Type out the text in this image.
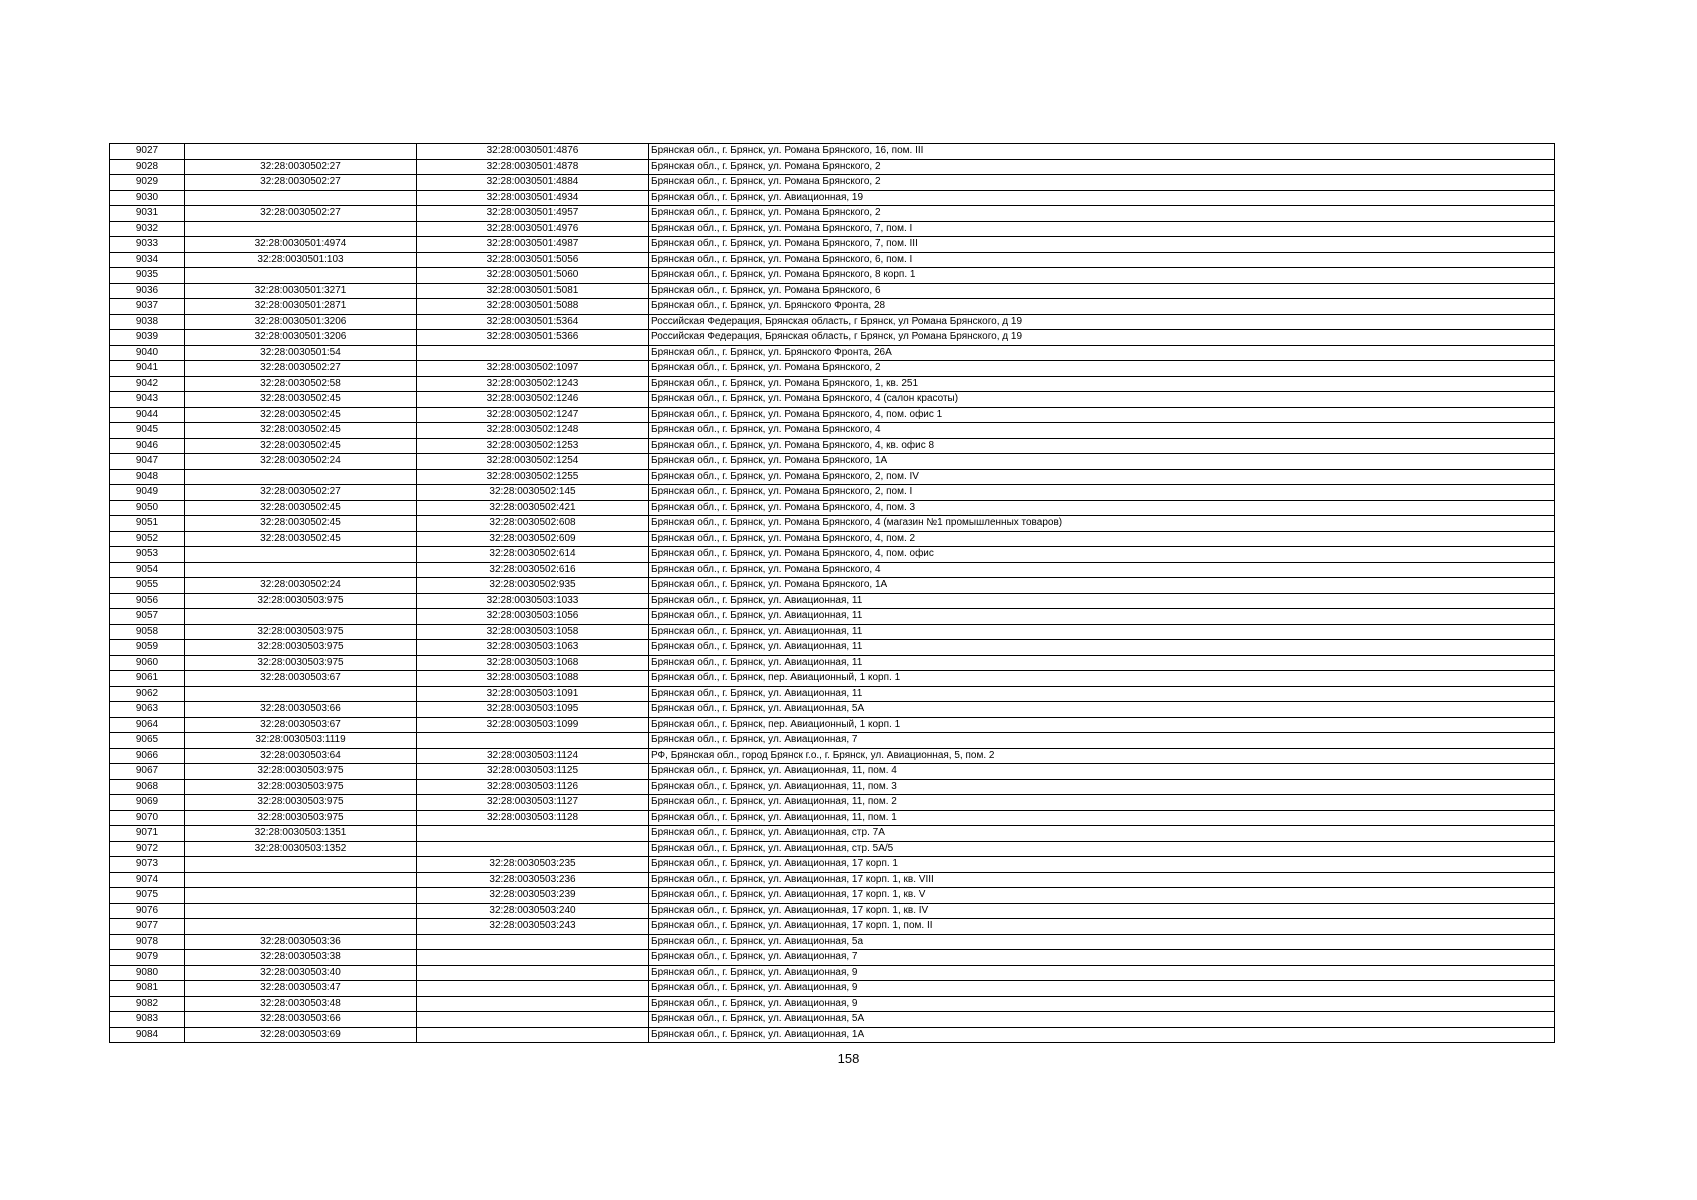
9027		32:28:0030501:4876	Брянская обл., г. Брянск, ул. Романа Брянского, 16, пом. III
9028	32:28:0030502:27	32:28:0030501:4878	Брянская обл., г. Брянск, ул. Романа Брянского, 2
9029	32:28:0030502:27	32:28:0030501:4884	Брянская обл., г. Брянск, ул. Романа Брянского, 2
9030		32:28:0030501:4934	Брянская обл., г. Брянск, ул. Авиационная, 19
9031	32:28:0030502:27	32:28:0030501:4957	Брянская обл., г. Брянск, ул. Романа Брянского, 2
9032		32:28:0030501:4976	Брянская обл., г. Брянск, ул. Романа Брянского, 7, пом. I
9033	32:28:0030501:4974	32:28:0030501:4987	Брянская обл., г. Брянск, ул. Романа Брянского, 7, пом. III
9034	32:28:0030501:103	32:28:0030501:5056	Брянская обл., г. Брянск, ул. Романа Брянского, 6, пом. I
9035		32:28:0030501:5060	Брянская обл., г. Брянск, ул. Романа Брянского, 8 корп. 1
9036	32:28:0030501:3271	32:28:0030501:5081	Брянская обл., г. Брянск, ул. Романа Брянского, 6
9037	32:28:0030501:2871	32:28:0030501:5088	Брянская обл., г. Брянск, ул. Брянского Фронта, 28
9038	32:28:0030501:3206	32:28:0030501:5364	Российская Федерация, Брянская область, г Брянск, ул Романа Брянского, д 19
9039	32:28:0030501:3206	32:28:0030501:5366	Российская Федерация, Брянская область, г Брянск, ул Романа Брянского, д 19
9040	32:28:0030501:54		Брянская обл., г. Брянск, ул. Брянского Фронта, 26А
9041	32:28:0030502:27	32:28:0030502:1097	Брянская обл., г. Брянск, ул. Романа Брянского, 2
9042	32:28:0030502:58	32:28:0030502:1243	Брянская обл., г. Брянск, ул. Романа Брянского, 1, кв. 251
9043	32:28:0030502:45	32:28:0030502:1246	Брянская обл., г. Брянск, ул. Романа Брянского, 4 (салон красоты)
9044	32:28:0030502:45	32:28:0030502:1247	Брянская обл., г. Брянск, ул. Романа Брянского, 4, пом. офис 1
9045	32:28:0030502:45	32:28:0030502:1248	Брянская обл., г. Брянск, ул. Романа Брянского, 4
9046	32:28:0030502:45	32:28:0030502:1253	Брянская обл., г. Брянск, ул. Романа Брянского, 4, кв. офис 8
9047	32:28:0030502:24	32:28:0030502:1254	Брянская обл., г. Брянск, ул. Романа Брянского, 1А
9048		32:28:0030502:1255	Брянская обл., г. Брянск, ул. Романа Брянского, 2, пом. IV
9049	32:28:0030502:27	32:28:0030502:145	Брянская обл., г. Брянск, ул. Романа Брянского, 2, пом. I
9050	32:28:0030502:45	32:28:0030502:421	Брянская обл., г. Брянск, ул. Романа Брянского, 4, пом. 3
9051	32:28:0030502:45	32:28:0030502:608	Брянская обл., г. Брянск, ул. Романа Брянского, 4 (магазин №1 промышленных товаров)
9052	32:28:0030502:45	32:28:0030502:609	Брянская обл., г. Брянск, ул. Романа Брянского, 4, пом. 2
9053		32:28:0030502:614	Брянская обл., г. Брянск, ул. Романа Брянского, 4, пом. офис
9054		32:28:0030502:616	Брянская обл., г. Брянск, ул. Романа Брянского, 4
9055	32:28:0030502:24	32:28:0030502:935	Брянская обл., г. Брянск, ул. Романа Брянского, 1А
9056	32:28:0030503:975	32:28:0030503:1033	Брянская обл., г. Брянск, ул. Авиационная, 11
9057		32:28:0030503:1056	Брянская обл., г. Брянск, ул. Авиационная, 11
9058	32:28:0030503:975	32:28:0030503:1058	Брянская обл., г. Брянск, ул. Авиационная, 11
9059	32:28:0030503:975	32:28:0030503:1063	Брянская обл., г. Брянск, ул. Авиационная, 11
9060	32:28:0030503:975	32:28:0030503:1068	Брянская обл., г. Брянск, ул. Авиационная, 11
9061	32:28:0030503:67	32:28:0030503:1088	Брянская обл., г. Брянск, пер. Авиационный, 1 корп. 1
9062		32:28:0030503:1091	Брянская обл., г. Брянск, ул. Авиационная, 11
9063	32:28:0030503:66	32:28:0030503:1095	Брянская обл., г. Брянск, ул. Авиационная, 5А
9064	32:28:0030503:67	32:28:0030503:1099	Брянская обл., г. Брянск, пер. Авиационный, 1 корп. 1
9065	32:28:0030503:1119		Брянская обл., г. Брянск, ул. Авиационная, 7
9066	32:28:0030503:64	32:28:0030503:1124	РФ, Брянская обл., город Брянск г.о., г. Брянск, ул. Авиационная, 5, пом. 2
9067	32:28:0030503:975	32:28:0030503:1125	Брянская обл., г. Брянск, ул. Авиационная, 11, пом. 4
9068	32:28:0030503:975	32:28:0030503:1126	Брянская обл., г. Брянск, ул. Авиационная, 11, пом. 3
9069	32:28:0030503:975	32:28:0030503:1127	Брянская обл., г. Брянск, ул. Авиационная, 11, пом. 2
9070	32:28:0030503:975	32:28:0030503:1128	Брянская обл., г. Брянск, ул. Авиационная, 11, пом. 1
9071	32:28:0030503:1351		Брянская обл., г. Брянск, ул. Авиационная, стр. 7А
9072	32:28:0030503:1352		Брянская обл., г. Брянск, ул. Авиационная, стр. 5А/5
9073		32:28:0030503:235	Брянская обл., г. Брянск, ул. Авиационная, 17 корп. 1
9074		32:28:0030503:236	Брянская обл., г. Брянск, ул. Авиационная, 17 корп. 1, кв. VIII
9075		32:28:0030503:239	Брянская обл., г. Брянск, ул. Авиационная, 17 корп. 1, кв. V
9076		32:28:0030503:240	Брянская обл., г. Брянск, ул. Авиационная, 17 корп. 1, кв. IV
9077		32:28:0030503:243	Брянская обл., г. Брянск, ул. Авиационная, 17 корп. 1, пом. II
9078	32:28:0030503:36		Брянская обл., г. Брянск, ул. Авиационная, 5а
9079	32:28:0030503:38		Брянская обл., г. Брянск, ул. Авиационная, 7
9080	32:28:0030503:40		Брянская обл., г. Брянск, ул. Авиационная, 9
9081	32:28:0030503:47		Брянская обл., г. Брянск, ул. Авиационная, 9
9082	32:28:0030503:48		Брянская обл., г. Брянск, ул. Авиационная, 9
9083	32:28:0030503:66		Брянская обл., г. Брянск, ул. Авиационная, 5А
9084	32:28:0030503:69		Брянская обл., г. Брянск, ул. Авиационная, 1А
158
